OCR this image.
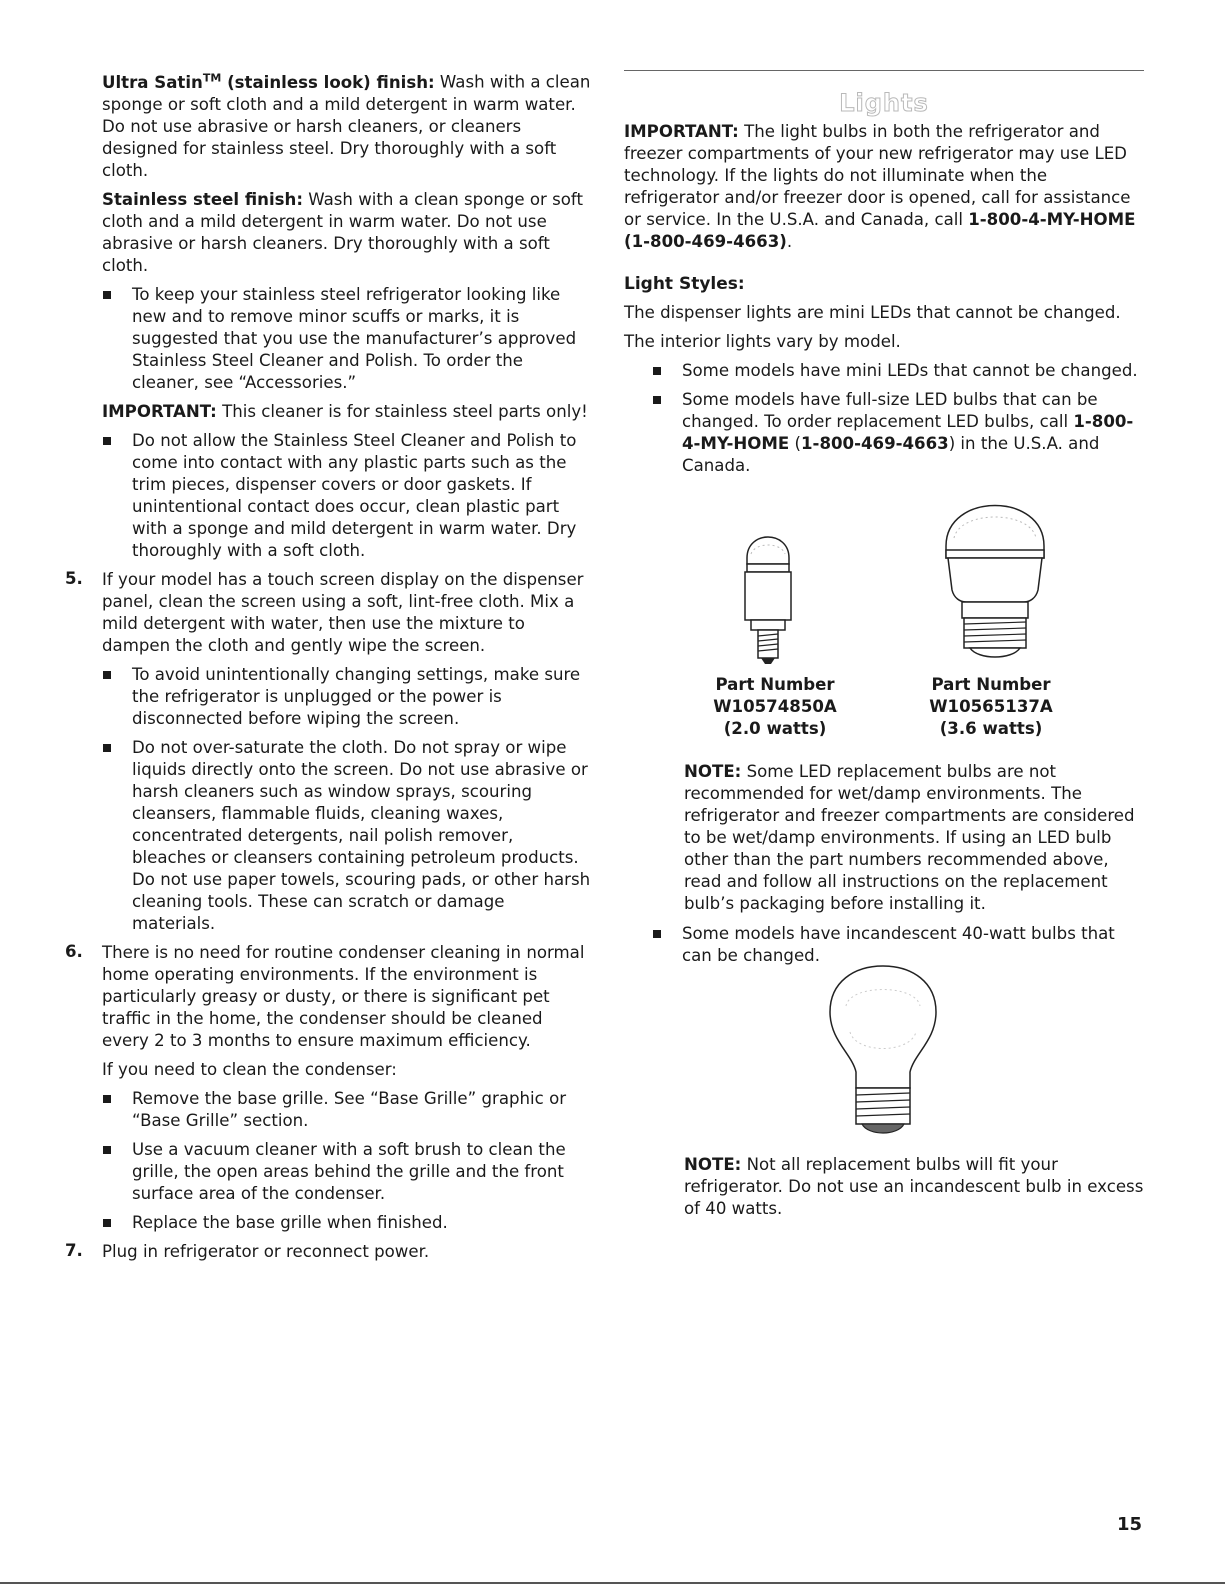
Ultra Satin™ (stainless look) finish: Wash with a clean sponge or soft cloth and a mild detergent in warm water. Do not use abrasive or harsh cleaners, or cleaners designed for stainless steel. Dry thoroughly with a soft cloth.

Stainless steel finish: Wash with a clean sponge or soft cloth and a mild detergent in warm water. Do not use abrasive or harsh cleaners. Dry thoroughly with a soft cloth.

To keep your stainless steel refrigerator looking like new and to remove minor scuffs or marks, it is suggested that you use the manufacturer’s approved Stainless Steel Cleaner and Polish. To order the cleaner, see “Accessories.”

IMPORTANT: This cleaner is for stainless steel parts only!

Do not allow the Stainless Steel Cleaner and Polish to come into contact with any plastic parts such as the trim pieces, dispenser covers or door gaskets. If unintentional contact does occur, clean plastic part with a sponge and mild detergent in warm water. Dry thoroughly with a soft cloth.

5. If your model has a touch screen display on the dispenser panel, clean the screen using a soft, lint-free cloth. Mix a mild detergent with water, then use the mixture to dampen the cloth and gently wipe the screen.

To avoid unintentionally changing settings, make sure the refrigerator is unplugged or the power is disconnected before wiping the screen.

Do not over-saturate the cloth. Do not spray or wipe liquids directly onto the screen. Do not use abrasive or harsh cleaners such as window sprays, scouring cleansers, flammable fluids, cleaning waxes, concentrated detergents, nail polish remover, bleaches or cleansers containing petroleum products. Do not use paper towels, scouring pads, or other harsh cleaning tools. These can scratch or damage materials.

6. There is no need for routine condenser cleaning in normal home operating environments. If the environment is particularly greasy or dusty, or there is significant pet traffic in the home, the condenser should be cleaned every 2 to 3 months to ensure maximum efficiency.

If you need to clean the condenser:

Remove the base grille. See “Base Grille” graphic or “Base Grille” section.

Use a vacuum cleaner with a soft brush to clean the grille, the open areas behind the grille and the front surface area of the condenser.

Replace the base grille when finished.

7. Plug in refrigerator or reconnect power.

Lights

IMPORTANT: The light bulbs in both the refrigerator and freezer compartments of your new refrigerator may use LED technology. If the lights do not illuminate when the refrigerator and/or freezer door is opened, call for assistance or service. In the U.S.A. and Canada, call 1-800-4-MY-HOME (1-800-469-4663).

Light Styles:

The dispenser lights are mini LEDs that cannot be changed.

The interior lights vary by model.

Some models have mini LEDs that cannot be changed.

Some models have full-size LED bulbs that can be changed. To order replacement LED bulbs, call 1-800-4-MY-HOME (1-800-469-4663) in the U.S.A. and Canada.

Part Number
W10574850A
(2.0 watts)
Part Number
W10565137A
(3.6 watts)

NOTE: Some LED replacement bulbs are not recommended for wet/damp environments. The refrigerator and freezer compartments are considered to be wet/damp environments. If using an LED bulb other than the part numbers recommended above, read and follow all instructions on the replacement bulb’s packaging before installing it.

Some models have incandescent 40-watt bulbs that can be changed.

NOTE: Not all replacement bulbs will fit your refrigerator. Do not use an incandescent bulb in excess of 40 watts.

15
